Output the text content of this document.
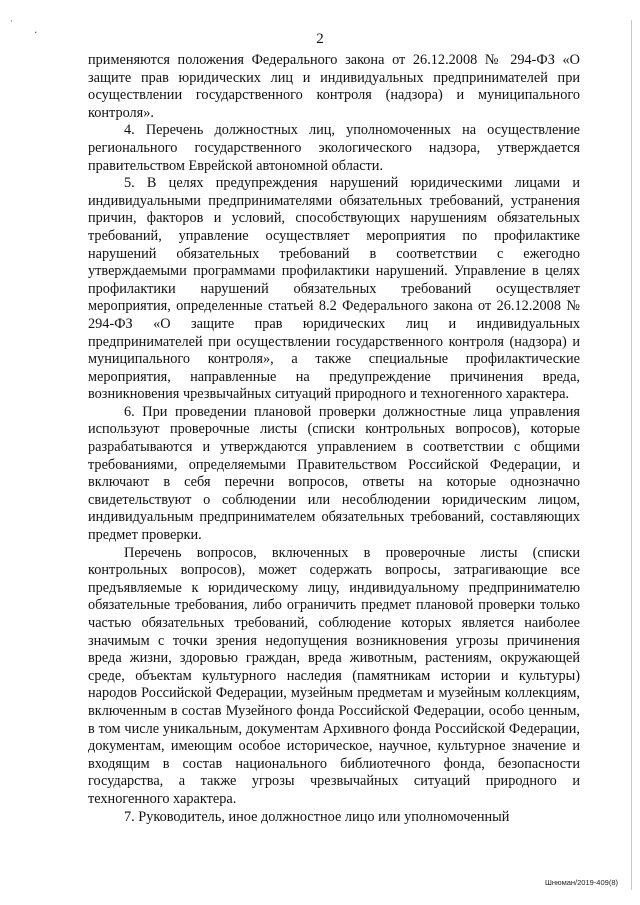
˙ .
2

применяются положения Федерального закона от 26.12.2008 № 294-ФЗ «О защите прав юридических лиц и индивидуальных предпринимателей при осуществлении государственного контроля (надзора) и муниципального контроля».

4. Перечень должностных лиц, уполномоченных на осуществление регионального государственного экологического надзора, утверждается правительством Еврейской автономной области.

5. В целях предупреждения нарушений юридическими лицами и индивидуальными предпринимателями обязательных требований, устранения причин, факторов и условий, способствующих нарушениям обязательных требований, управление осуществляет мероприятия по профилактике нарушений обязательных требований в соответствии с ежегодно утверждаемыми программами профилактики нарушений. Управление в целях профилактики нарушений обязательных требований осуществляет мероприятия, определенные статьей 8.2 Федерального закона от 26.12.2008 № 294-ФЗ «О защите прав юридических лиц и индивидуальных предпринимателей при осуществлении государственного контроля (надзора) и муниципального контроля», а также специальные профилактические мероприятия, направленные на предупреждение причинения вреда, возникновения чрезвычайных ситуаций природного и техногенного характера.

6. При проведении плановой проверки должностные лица управления используют проверочные листы (списки контрольных вопросов), которые разрабатываются и утверждаются управлением в соответствии с общими требованиями, определяемыми Правительством Российской Федерации, и включают в себя перечни вопросов, ответы на которые однозначно свидетельствуют о соблюдении или несоблюдении юридическим лицом, индивидуальным предпринимателем обязательных требований, составляющих предмет проверки.

Перечень вопросов, включенных в проверочные листы (списки контрольных вопросов), может содержать вопросы, затрагивающие все предъявляемые к юридическому лицу, индивидуальному предпринимателю обязательные требования, либо ограничить предмет плановой проверки только частью обязательных требований, соблюдение которых является наиболее значимым с точки зрения недопущения возникновения угрозы причинения вреда жизни, здоровью граждан, вреда животным, растениям, окружающей среде, объектам культурного наследия (памятникам истории и культуры) народов Российской Федерации, музейным предметам и музейным коллекциям, включенным в состав Музейного фонда Российской Федерации, особо ценным, в том числе уникальным, документам Архивного фонда Российской Федерации, документам, имеющим особое историческое, научное, культурное значение и входящим в состав национального библиотечного фонда, безопасности государства, а также угрозы чрезвычайных ситуаций природного и техногенного характера.

7. Руководитель, иное должностное лицо или уполномоченный

Шнюман/2019-409(8)
